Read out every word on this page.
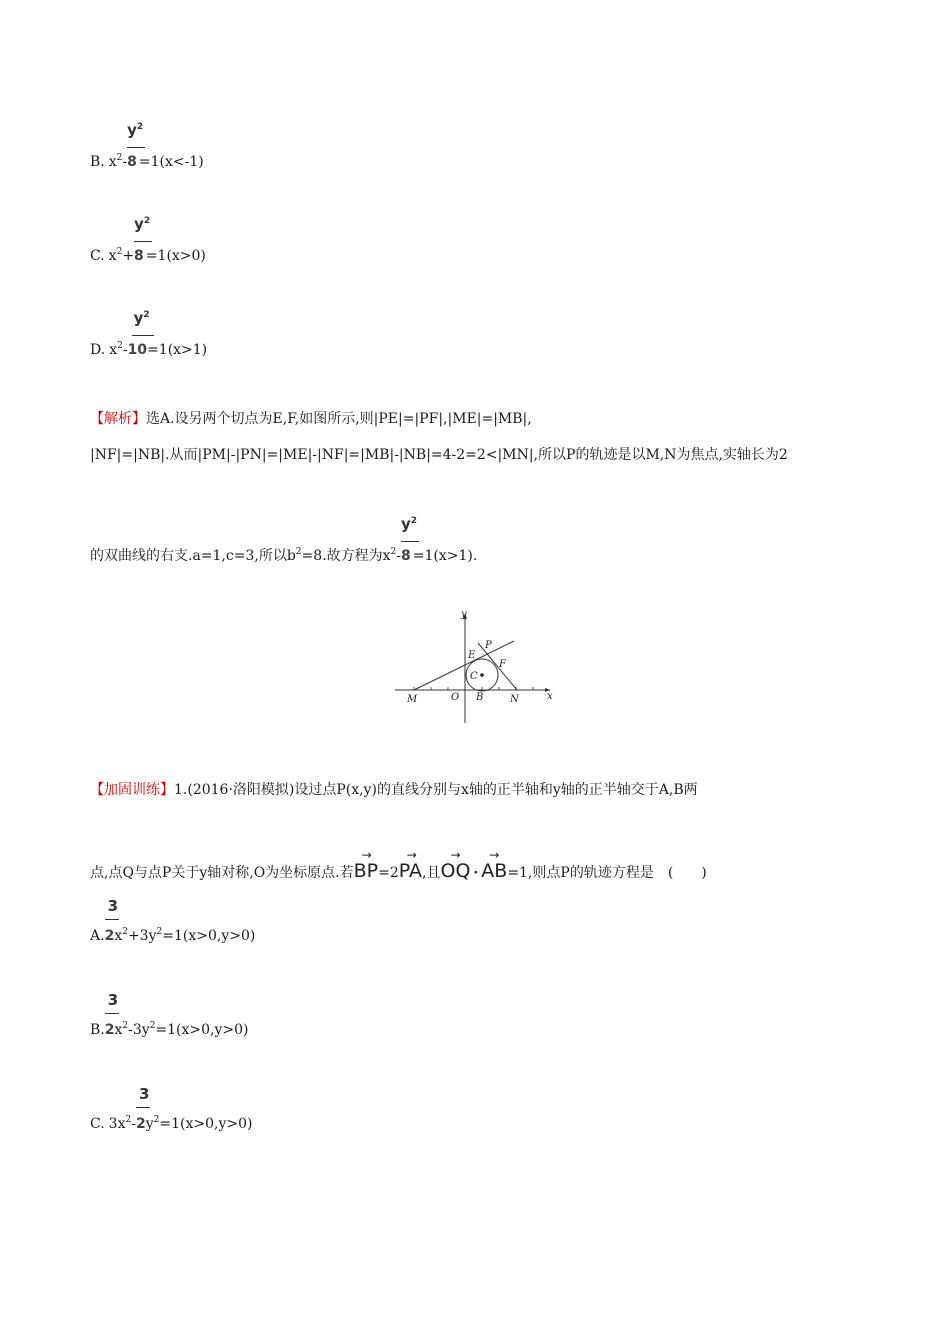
B. $x^2- \frac{y^2}{8} =1(x<-1)$
C. $x^2+ \frac{y^2}{8} =1(x>0)$
D. $x^2- \frac{y^2}{10}=1(x>1)$
【解析】选A.设另两个切点为E,F,如图所示,则|PE|=|PF|,|ME|=|MB|,
|NF|=|NB|.从而|PM|-|PN|=|ME|-|NF|=|MB|-|NB|=4-2=2<|MN|,所以P的轨迹是以M,N为焦点,实轴长为2
的双曲线的右支.a=1,c=3,所以$b^2=8$.故方程为$x^2- \frac{y^2}{8} =1(x>1)$.
y
x
P
E
F
C
O B
M	N
【加固训练】1.(2016·洛阳模拟)设过点P(x,y)的直线分别与x轴的正半轴和y轴的正半轴交于A,B两
点,点Q与点P关于y轴对称,O为坐标原点.若
→
BP=2
→
PA,且
→
OQ ·
→
AB=1,则点P的轨迹方程是　(　　)
A. $\frac{3}{2}x^2+3y^2=1(x>0,y>0)$
B. $\frac{3}{2}x^2-3y^2=1(x>0,y>0)$
C. $3x^2- \frac{3}{2}y^2=1(x>0,y>0)$
